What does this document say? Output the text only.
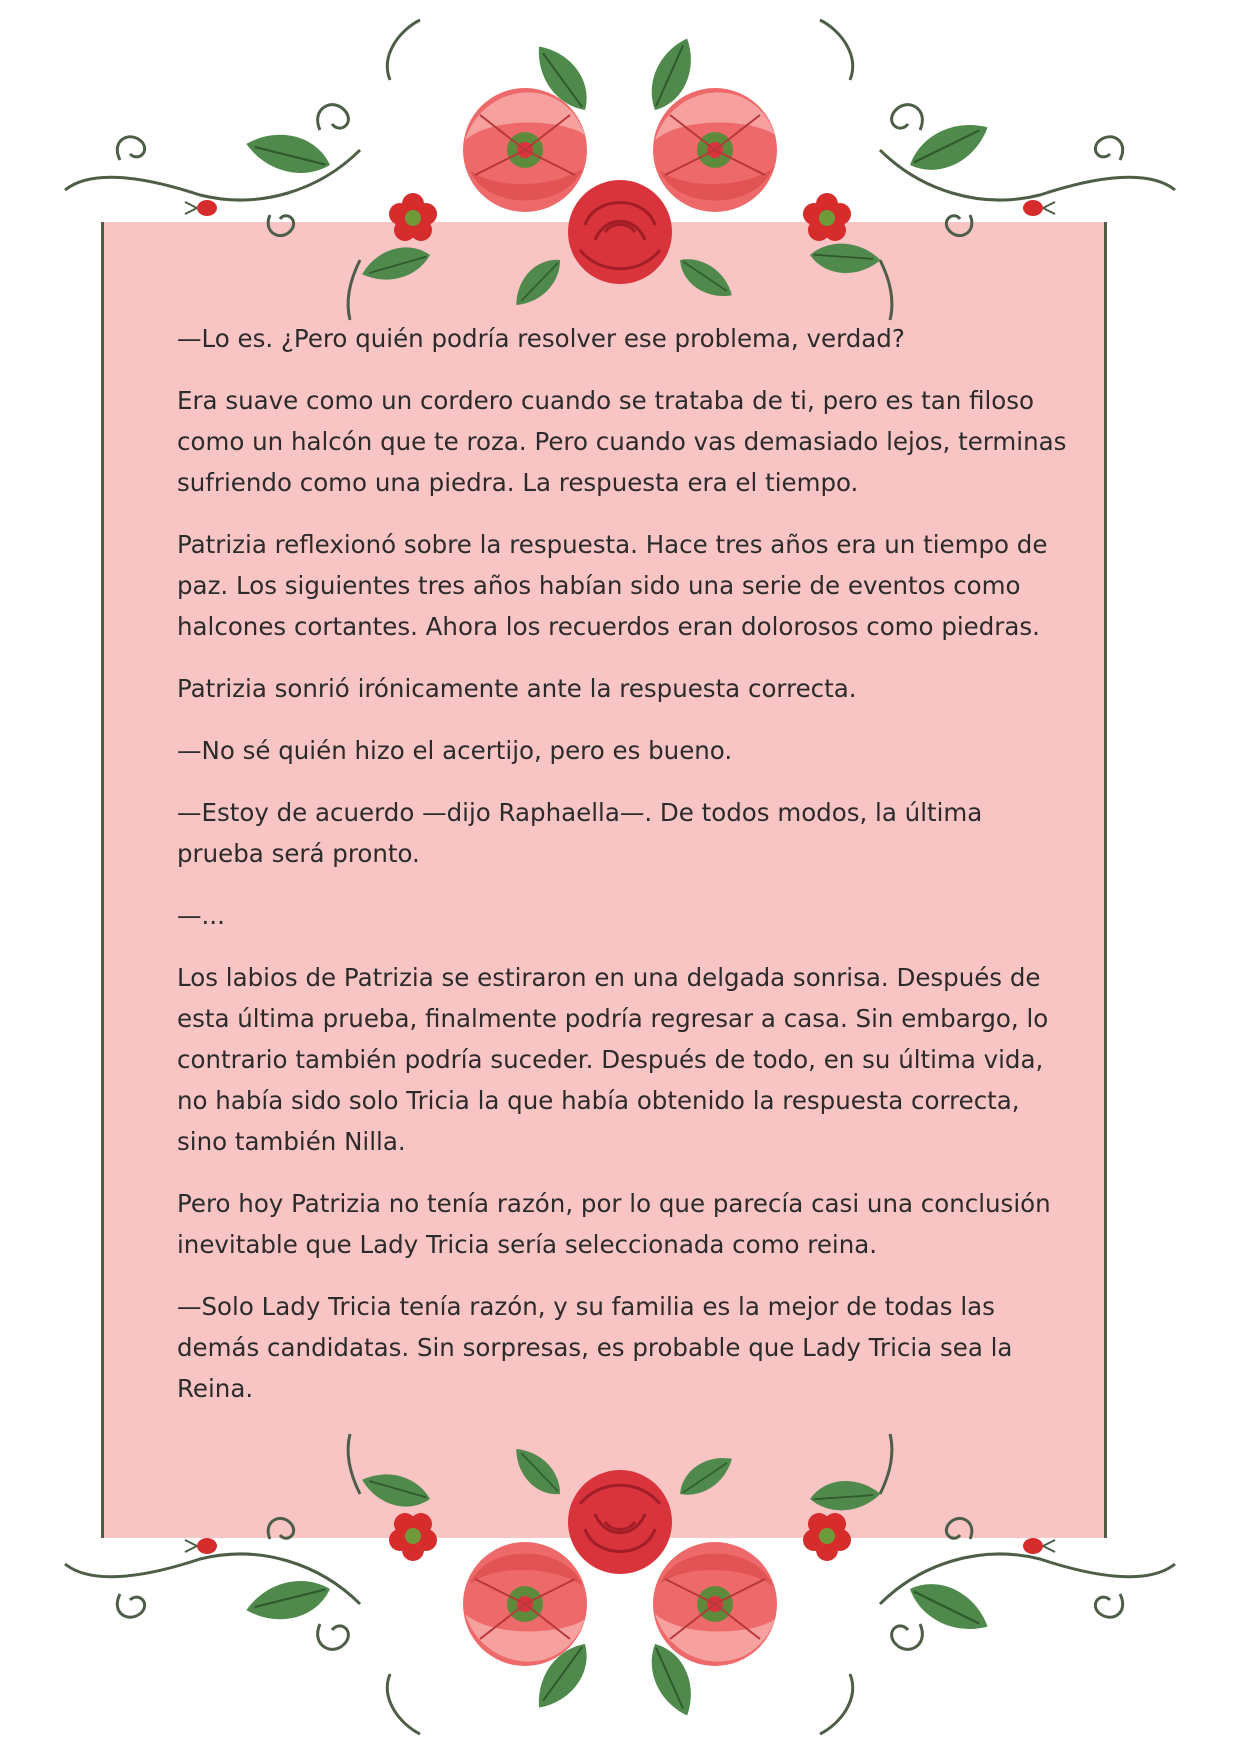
—Lo es. ¿Pero quién podría resolver ese problema, verdad?

Era suave como un cordero cuando se trataba de ti, pero es tan filoso
como un halcón que te roza. Pero cuando vas demasiado lejos, terminas
sufriendo como una piedra. La respuesta era el tiempo.

Patrizia reflexionó sobre la respuesta. Hace tres años era un tiempo de
paz. Los siguientes tres años habían sido una serie de eventos como
halcones cortantes. Ahora los recuerdos eran dolorosos como piedras.

Patrizia sonrió irónicamente ante la respuesta correcta.

—No sé quién hizo el acertijo, pero es bueno.

—Estoy de acuerdo —dijo Raphaella—. De todos modos, la última
prueba será pronto.

—...

Los labios de Patrizia se estiraron en una delgada sonrisa. Después de
esta última prueba, finalmente podría regresar a casa. Sin embargo, lo
contrario también podría suceder. Después de todo, en su última vida,
no había sido solo Tricia la que había obtenido la respuesta correcta,
sino también Nilla.

Pero hoy Patrizia no tenía razón, por lo que parecía casi una conclusión
inevitable que Lady Tricia sería seleccionada como reina.

—Solo Lady Tricia tenía razón, y su familia es la mejor de todas las
demás candidatas. Sin sorpresas, es probable que Lady Tricia sea la
Reina.
